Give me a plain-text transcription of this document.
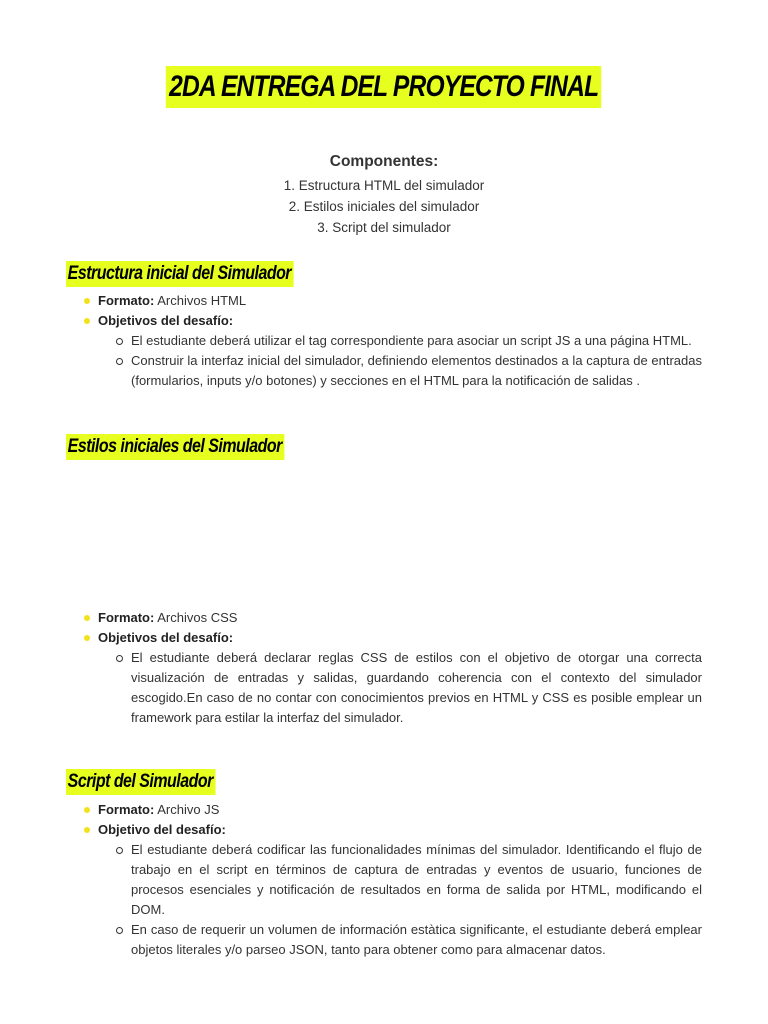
2DA ENTREGA DEL PROYECTO FINAL
Componentes:
1. Estructura HTML del simulador
2. Estilos iniciales del simulador
3. Script del simulador
Estructura inicial del Simulador
Formato: Archivos HTML
Objetivos del desafío:
El estudiante deberá utilizar el tag correspondiente para asociar un script JS a una página HTML.
Construir la interfaz inicial del simulador, definiendo elementos destinados a la captura de entradas (formularios, inputs y/o botones) y secciones en el HTML para la notificación de salidas .
Estilos iniciales del Simulador
Formato: Archivos CSS
Objetivos del desafío:
El estudiante deberá declarar reglas CSS de estilos con el objetivo de otorgar una correcta visualización de entradas y salidas, guardando coherencia con el contexto del simulador escogido.En caso de no contar con conocimientos previos en HTML y CSS es posible emplear un framework para estilar la interfaz del simulador.
Script del Simulador
Formato: Archivo JS
Objetivo del desafío:
El estudiante deberá codificar las funcionalidades mínimas del simulador. Identificando el flujo de trabajo en el script en términos de captura de entradas y eventos de usuario, funciones de procesos esenciales y notificación de resultados en forma de salida por HTML, modificando el DOM.
En caso de requerir un volumen de información estàtica significante, el estudiante deberá emplear objetos literales y/o parseo JSON, tanto para obtener como para almacenar datos.
